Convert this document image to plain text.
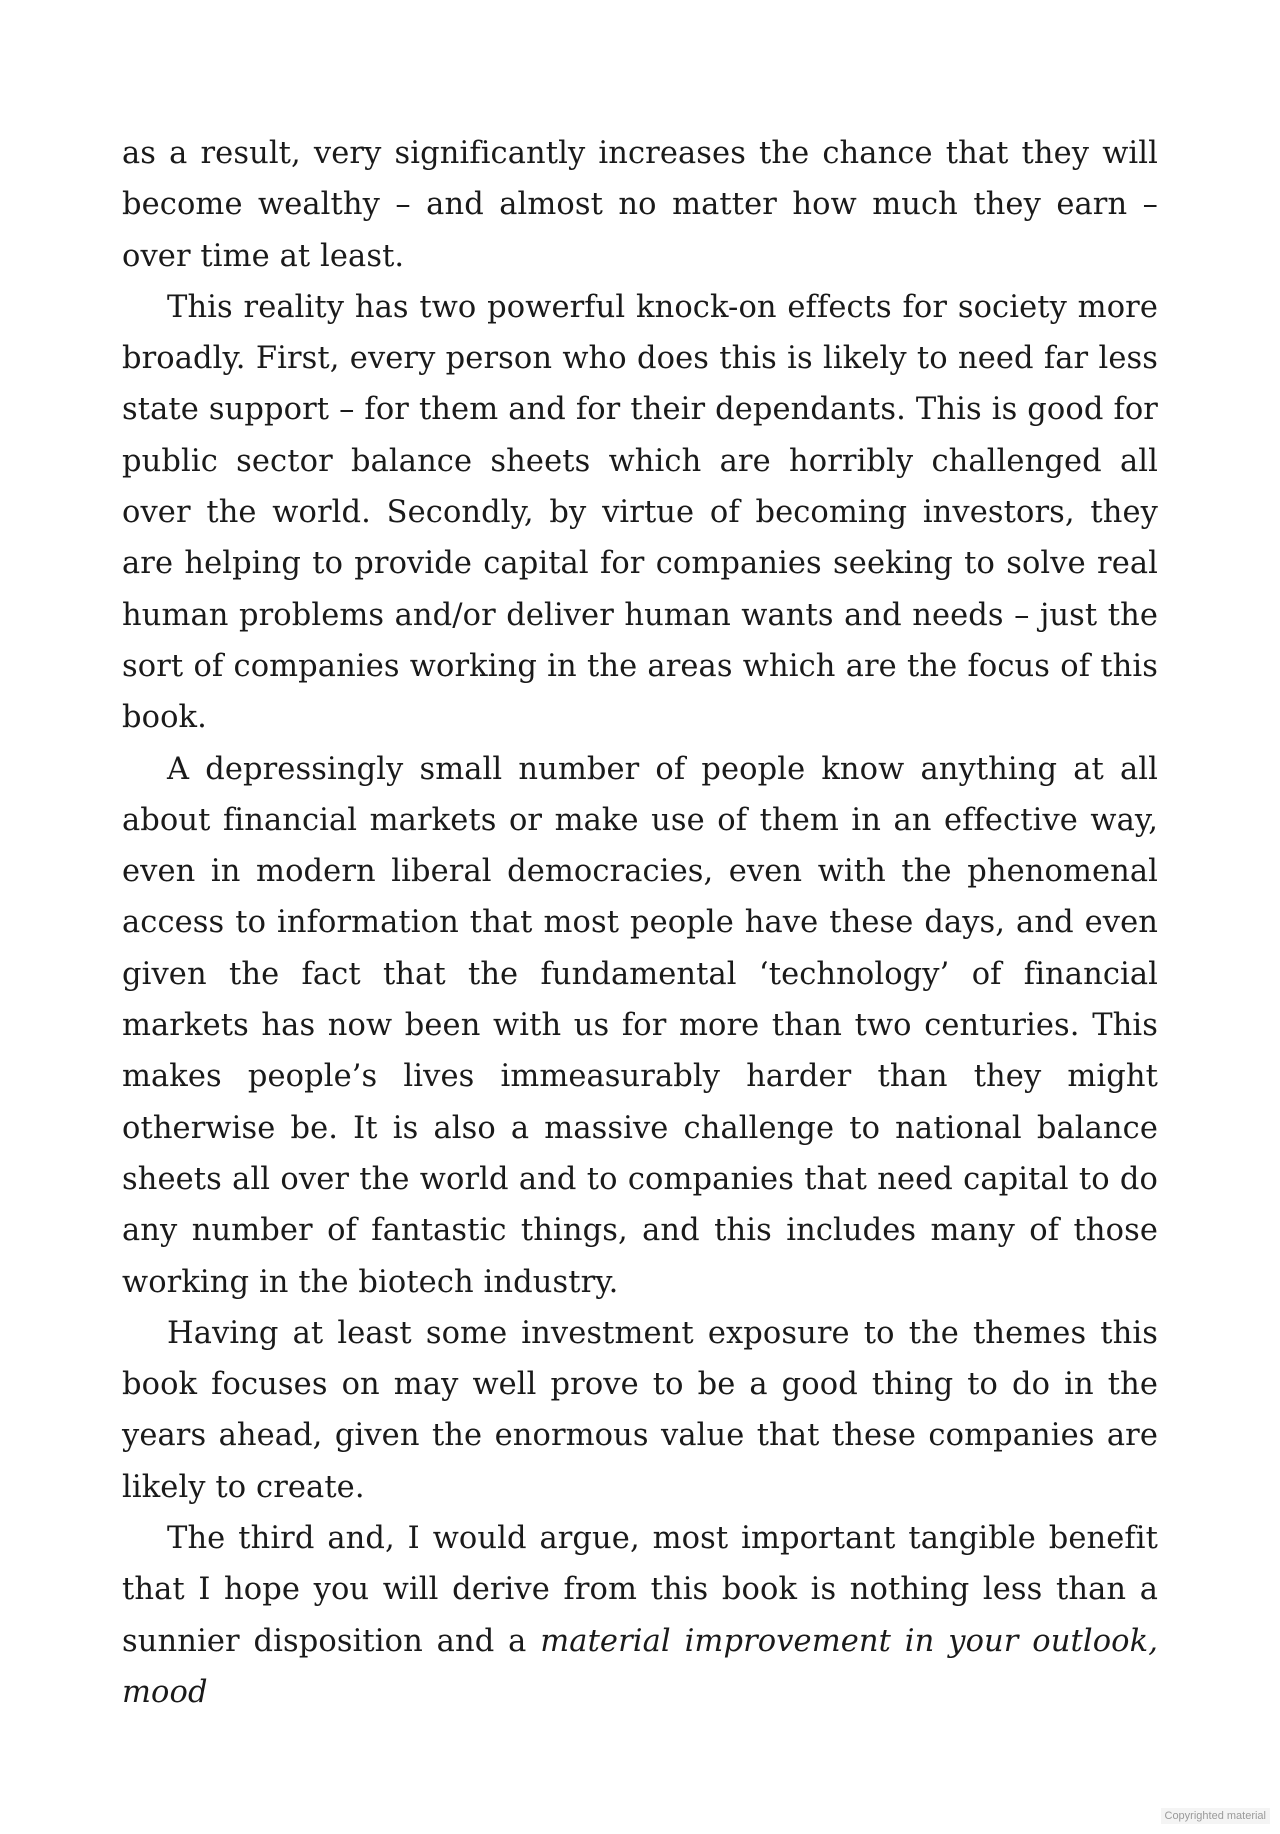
as a result, very significantly increases the chance that they will become wealthy – and almost no matter how much they earn – over time at least.

This reality has two powerful knock-on effects for society more broadly. First, every person who does this is likely to need far less state support – for them and for their dependants. This is good for public sector balance sheets which are horribly challenged all over the world. Secondly, by virtue of becoming investors, they are helping to provide capital for companies seeking to solve real human problems and/or deliver human wants and needs – just the sort of companies working in the areas which are the focus of this book.

A depressingly small number of people know anything at all about financial markets or make use of them in an effective way, even in modern liberal democracies, even with the phenomenal access to information that most people have these days, and even given the fact that the fundamental ‘technology’ of financial markets has now been with us for more than two centuries. This makes people’s lives immeasurably harder than they might otherwise be. It is also a massive challenge to national balance sheets all over the world and to companies that need capital to do any number of fantastic things, and this includes many of those working in the biotech industry.

Having at least some investment exposure to the themes this book focuses on may well prove to be a good thing to do in the years ahead, given the enormous value that these companies are likely to create.

The third and, I would argue, most important tangible benefit that I hope you will derive from this book is nothing less than a sunnier disposition and a material improvement in your outlook, mood

Copyrighted material
